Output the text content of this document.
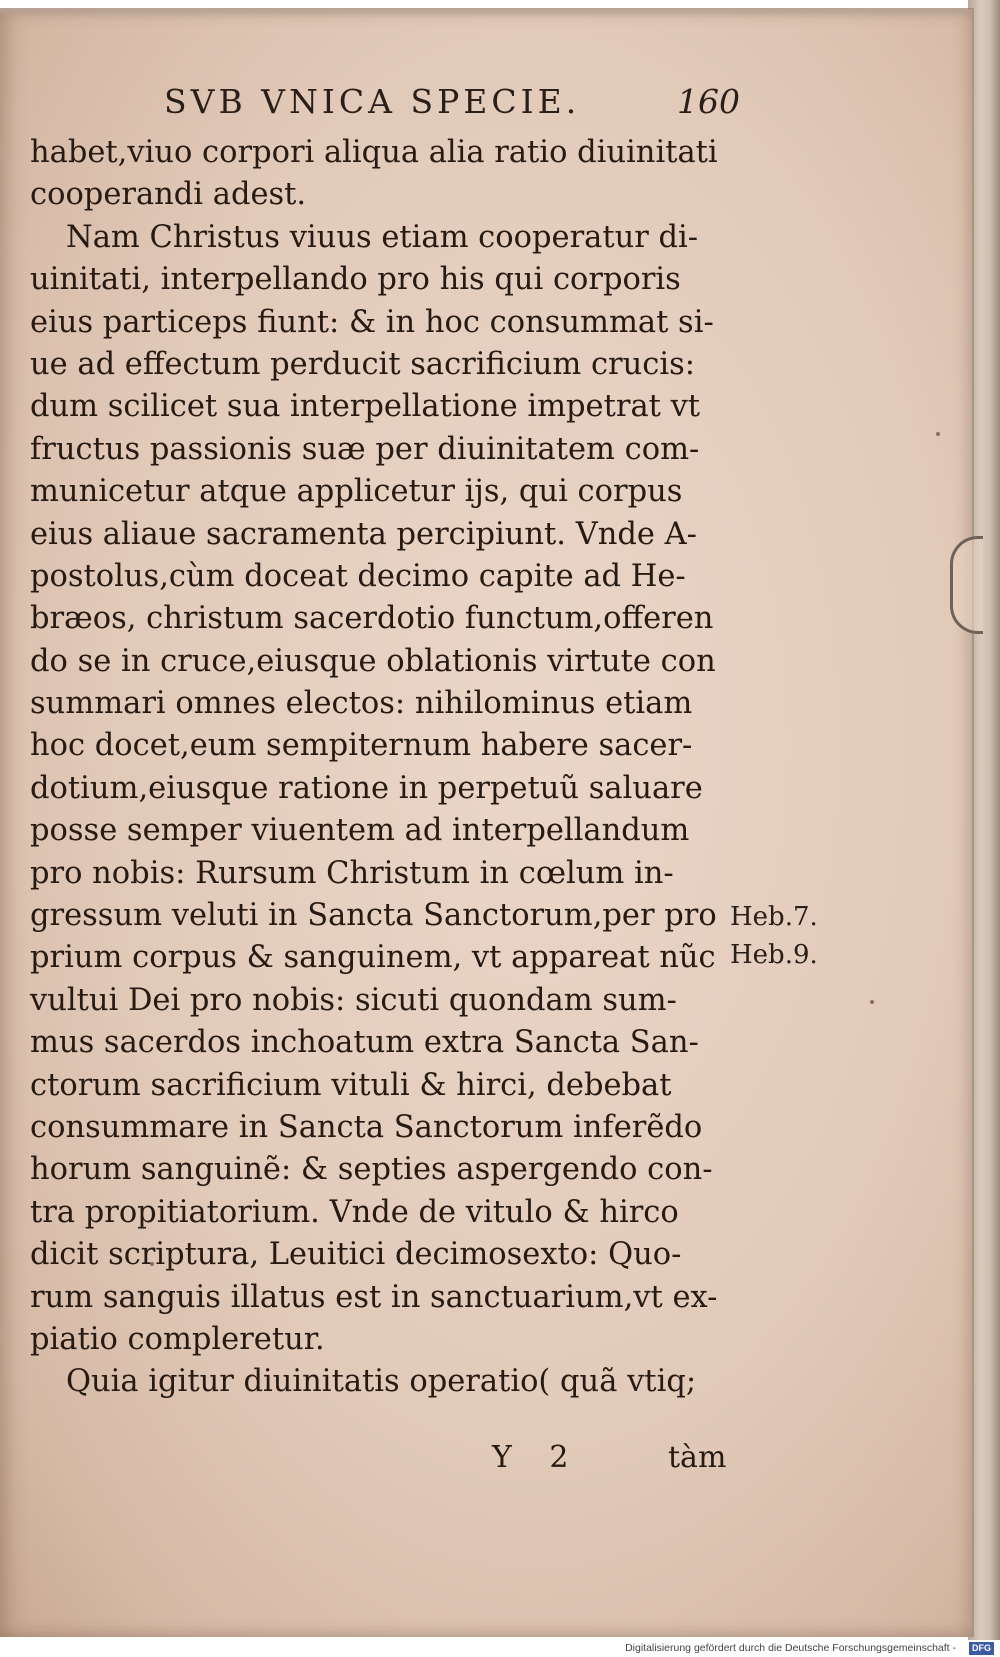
SVB VNICA SPECIE.	160
habet,viuo corpori aliqua alia ratio diuinitati
cooperandi adest.
Nam Christus viuus etiam cooperatur di-
uinitati, interpellando pro his qui corporis
eius particeps fiunt: & in hoc consummat si-
ue ad effectum perducit sacrificium crucis:
dum scilicet sua interpellatione impetrat vt
fructus passionis suæ per diuinitatem com-
municetur atque applicetur ijs, qui corpus
eius aliaue sacramenta percipiunt. Vnde A-
postolus,cùm doceat decimo capite ad He-
bræos, christum sacerdotio functum,offeren
do se in cruce,eiusque oblationis virtute con
summari omnes electos: nihilominus etiam
hoc docet,eum sempiternum habere sacer-
dotium,eiusque ratione in perpetuũ saluare
posse semper viuentem ad interpellandum
pro nobis: Rursum Christum in cœlum in-
gressum veluti in Sancta Sanctorum,per pro
prium corpus & sanguinem, vt appareat nũc
vultui Dei pro nobis: sicuti quondam sum-
mus sacerdos inchoatum extra Sancta San-
ctorum sacrificium vituli & hirci, debebat
consummare in Sancta Sanctorum inferẽdo
horum sanguinẽ: & septies aspergendo con-
tra propitiatorium. Vnde de vitulo & hirco
dicit scriptura, Leuitici decimosexto: Quo-
rum sanguis illatus est in sanctuarium,vt ex-
piatio compleretur.
Quia igitur diuinitatis operatio( quã vtiq;
Heb.7.
Heb.9.
Y 2	tàm
Digitalisierung gefördert durch die Deutsche Forschungsgemeinschaft -	DFG
